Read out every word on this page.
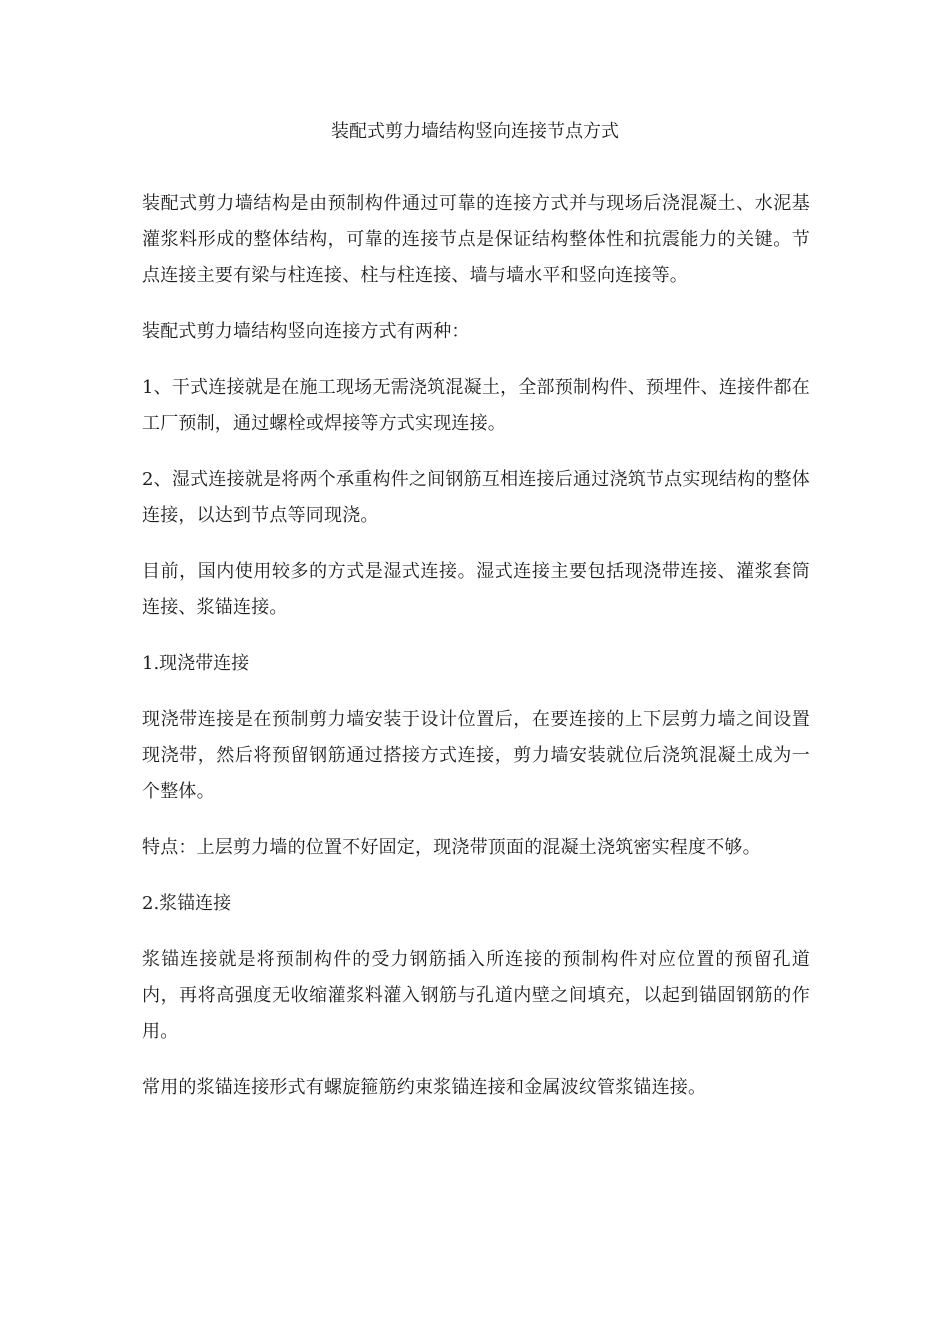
装配式剪力墙结构竖向连接节点方式

装配式剪力墙结构是由预制构件通过可靠的连接方式并与现场后浇混凝土、水泥基灌浆料形成的整体结构，可靠的连接节点是保证结构整体性和抗震能力的关键。节点连接主要有梁与柱连接、柱与柱连接、墙与墙水平和竖向连接等。

装配式剪力墙结构竖向连接方式有两种：

1、干式连接就是在施工现场无需浇筑混凝土，全部预制构件、预埋件、连接件都在工厂预制，通过螺栓或焊接等方式实现连接。

2、湿式连接就是将两个承重构件之间钢筋互相连接后通过浇筑节点实现结构的整体连接，以达到节点等同现浇。

目前，国内使用较多的方式是湿式连接。湿式连接主要包括现浇带连接、灌浆套筒连接、浆锚连接。

1.现浇带连接

现浇带连接是在预制剪力墙安装于设计位置后，在要连接的上下层剪力墙之间设置现浇带，然后将预留钢筋通过搭接方式连接，剪力墙安装就位后浇筑混凝土成为一个整体。

特点：上层剪力墙的位置不好固定，现浇带顶面的混凝土浇筑密实程度不够。

2.浆锚连接

浆锚连接就是将预制构件的受力钢筋插入所连接的预制构件对应位置的预留孔道内，再将高强度无收缩灌浆料灌入钢筋与孔道内壁之间填充，以起到锚固钢筋的作用。

常用的浆锚连接形式有螺旋箍筋约束浆锚连接和金属波纹管浆锚连接。
